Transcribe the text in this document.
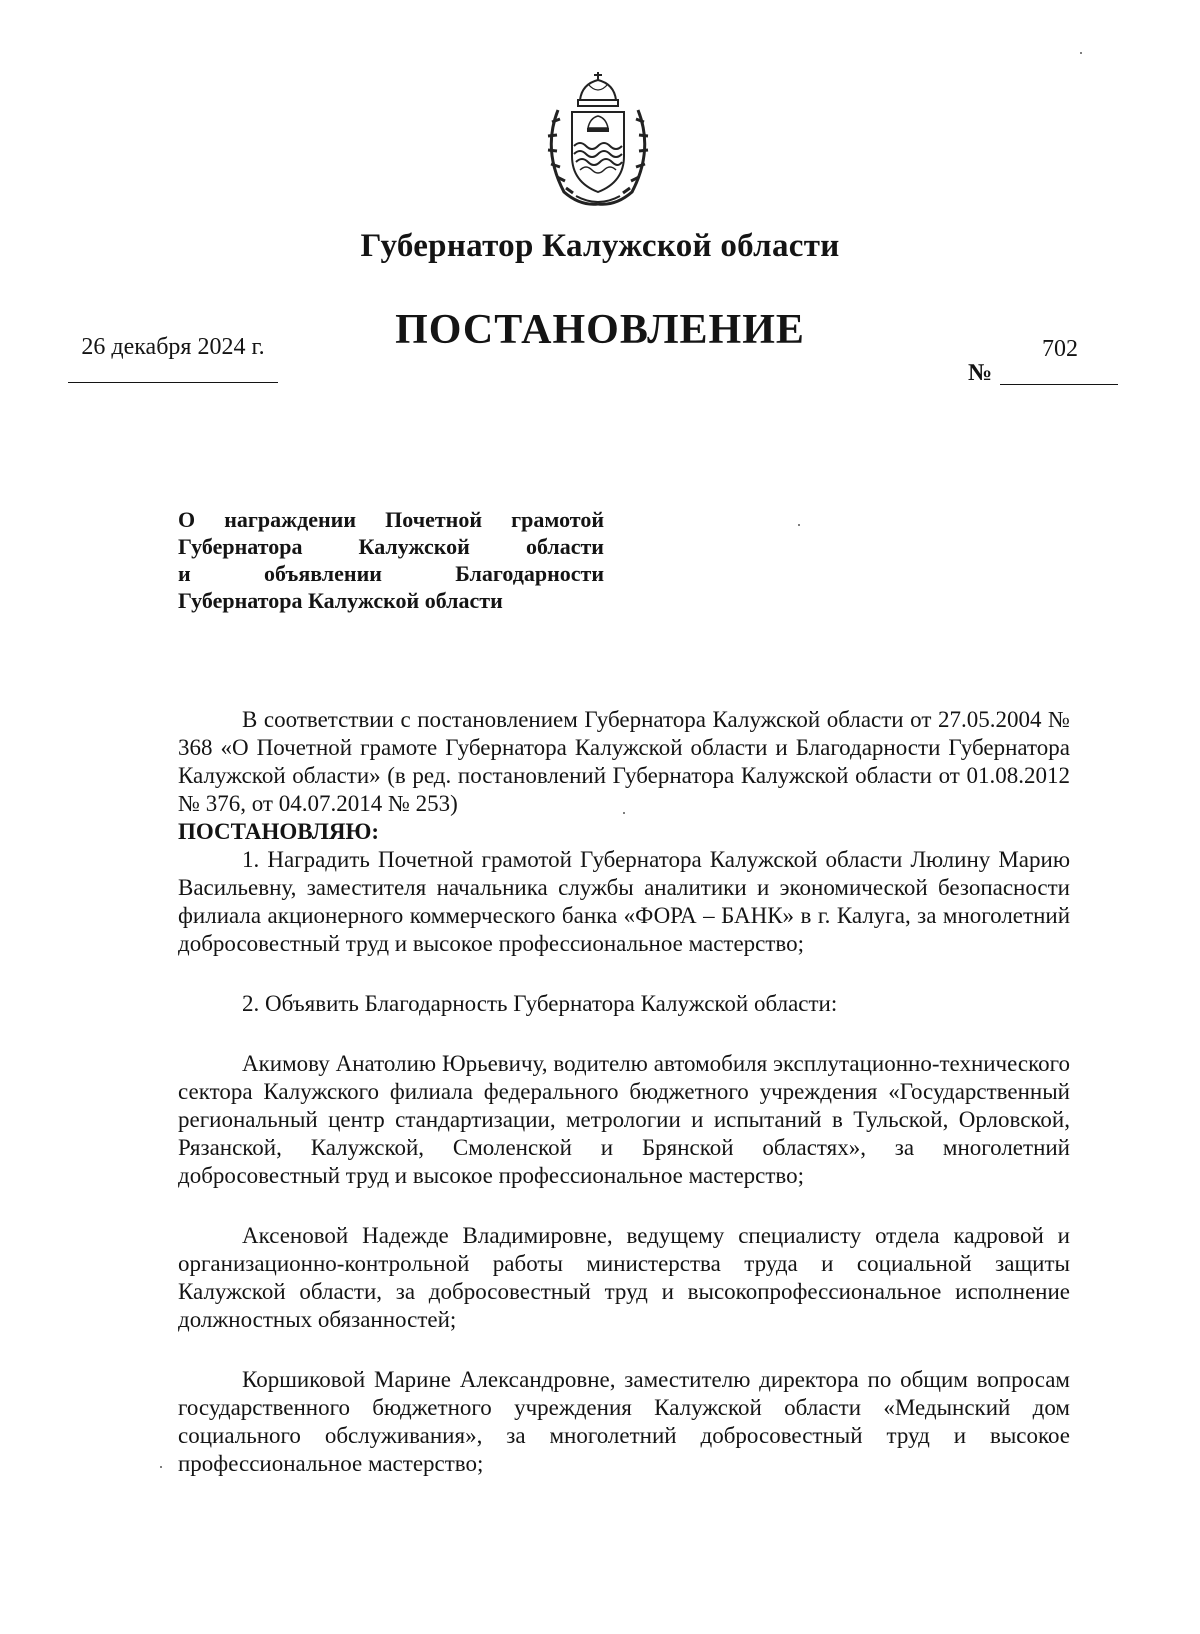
Губернатор Калужской области
ПОСТАНОВЛЕНИЕ
26 декабря 2024 г.
№
702
О награждении Почетной грамотой
Губернатора Калужской области
и объявлении Благодарности
Губернатора Калужской области

В соответствии с постановлением Губернатора Калужской области от 27.05.2004 № 368 «О Почетной грамоте Губернатора Калужской области и Благодарности Губернатора Калужской области» (в ред. постановлений Губернатора Калужской области от 01.08.2012 № 376, от 04.07.2014 № 253)

ПОСТАНОВЛЯЮ:

1. Наградить Почетной грамотой Губернатора Калужской области Люлину Марию Васильевну, заместителя начальника службы аналитики и экономической безопасности филиала акционерного коммерческого банка «ФОРА – БАНК» в г. Калуга, за многолетний добросовестный труд и высокое профессиональное мастерство;

2. Объявить Благодарность Губернатора Калужской области:

Акимову Анатолию Юрьевичу, водителю автомобиля эксплутационно-технического сектора Калужского филиала федерального бюджетного учреждения «Государственный региональный центр стандартизации, метрологии и испытаний в Тульской, Орловской, Рязанской, Калужской, Смоленской и Брянской областях», за многолетний добросовестный труд и высокое профессиональное мастерство;

Аксеновой Надежде Владимировне, ведущему специалисту отдела кадровой и организационно-контрольной работы министерства труда и социальной защиты Калужской области, за добросовестный труд и высокопрофессиональное исполнение должностных обязанностей;

Коршиковой Марине Александровне, заместителю директора по общим вопросам государственного бюджетного учреждения Калужской области «Медынский дом социального обслуживания», за многолетний добросовестный труд и высокое профессиональное мастерство;
